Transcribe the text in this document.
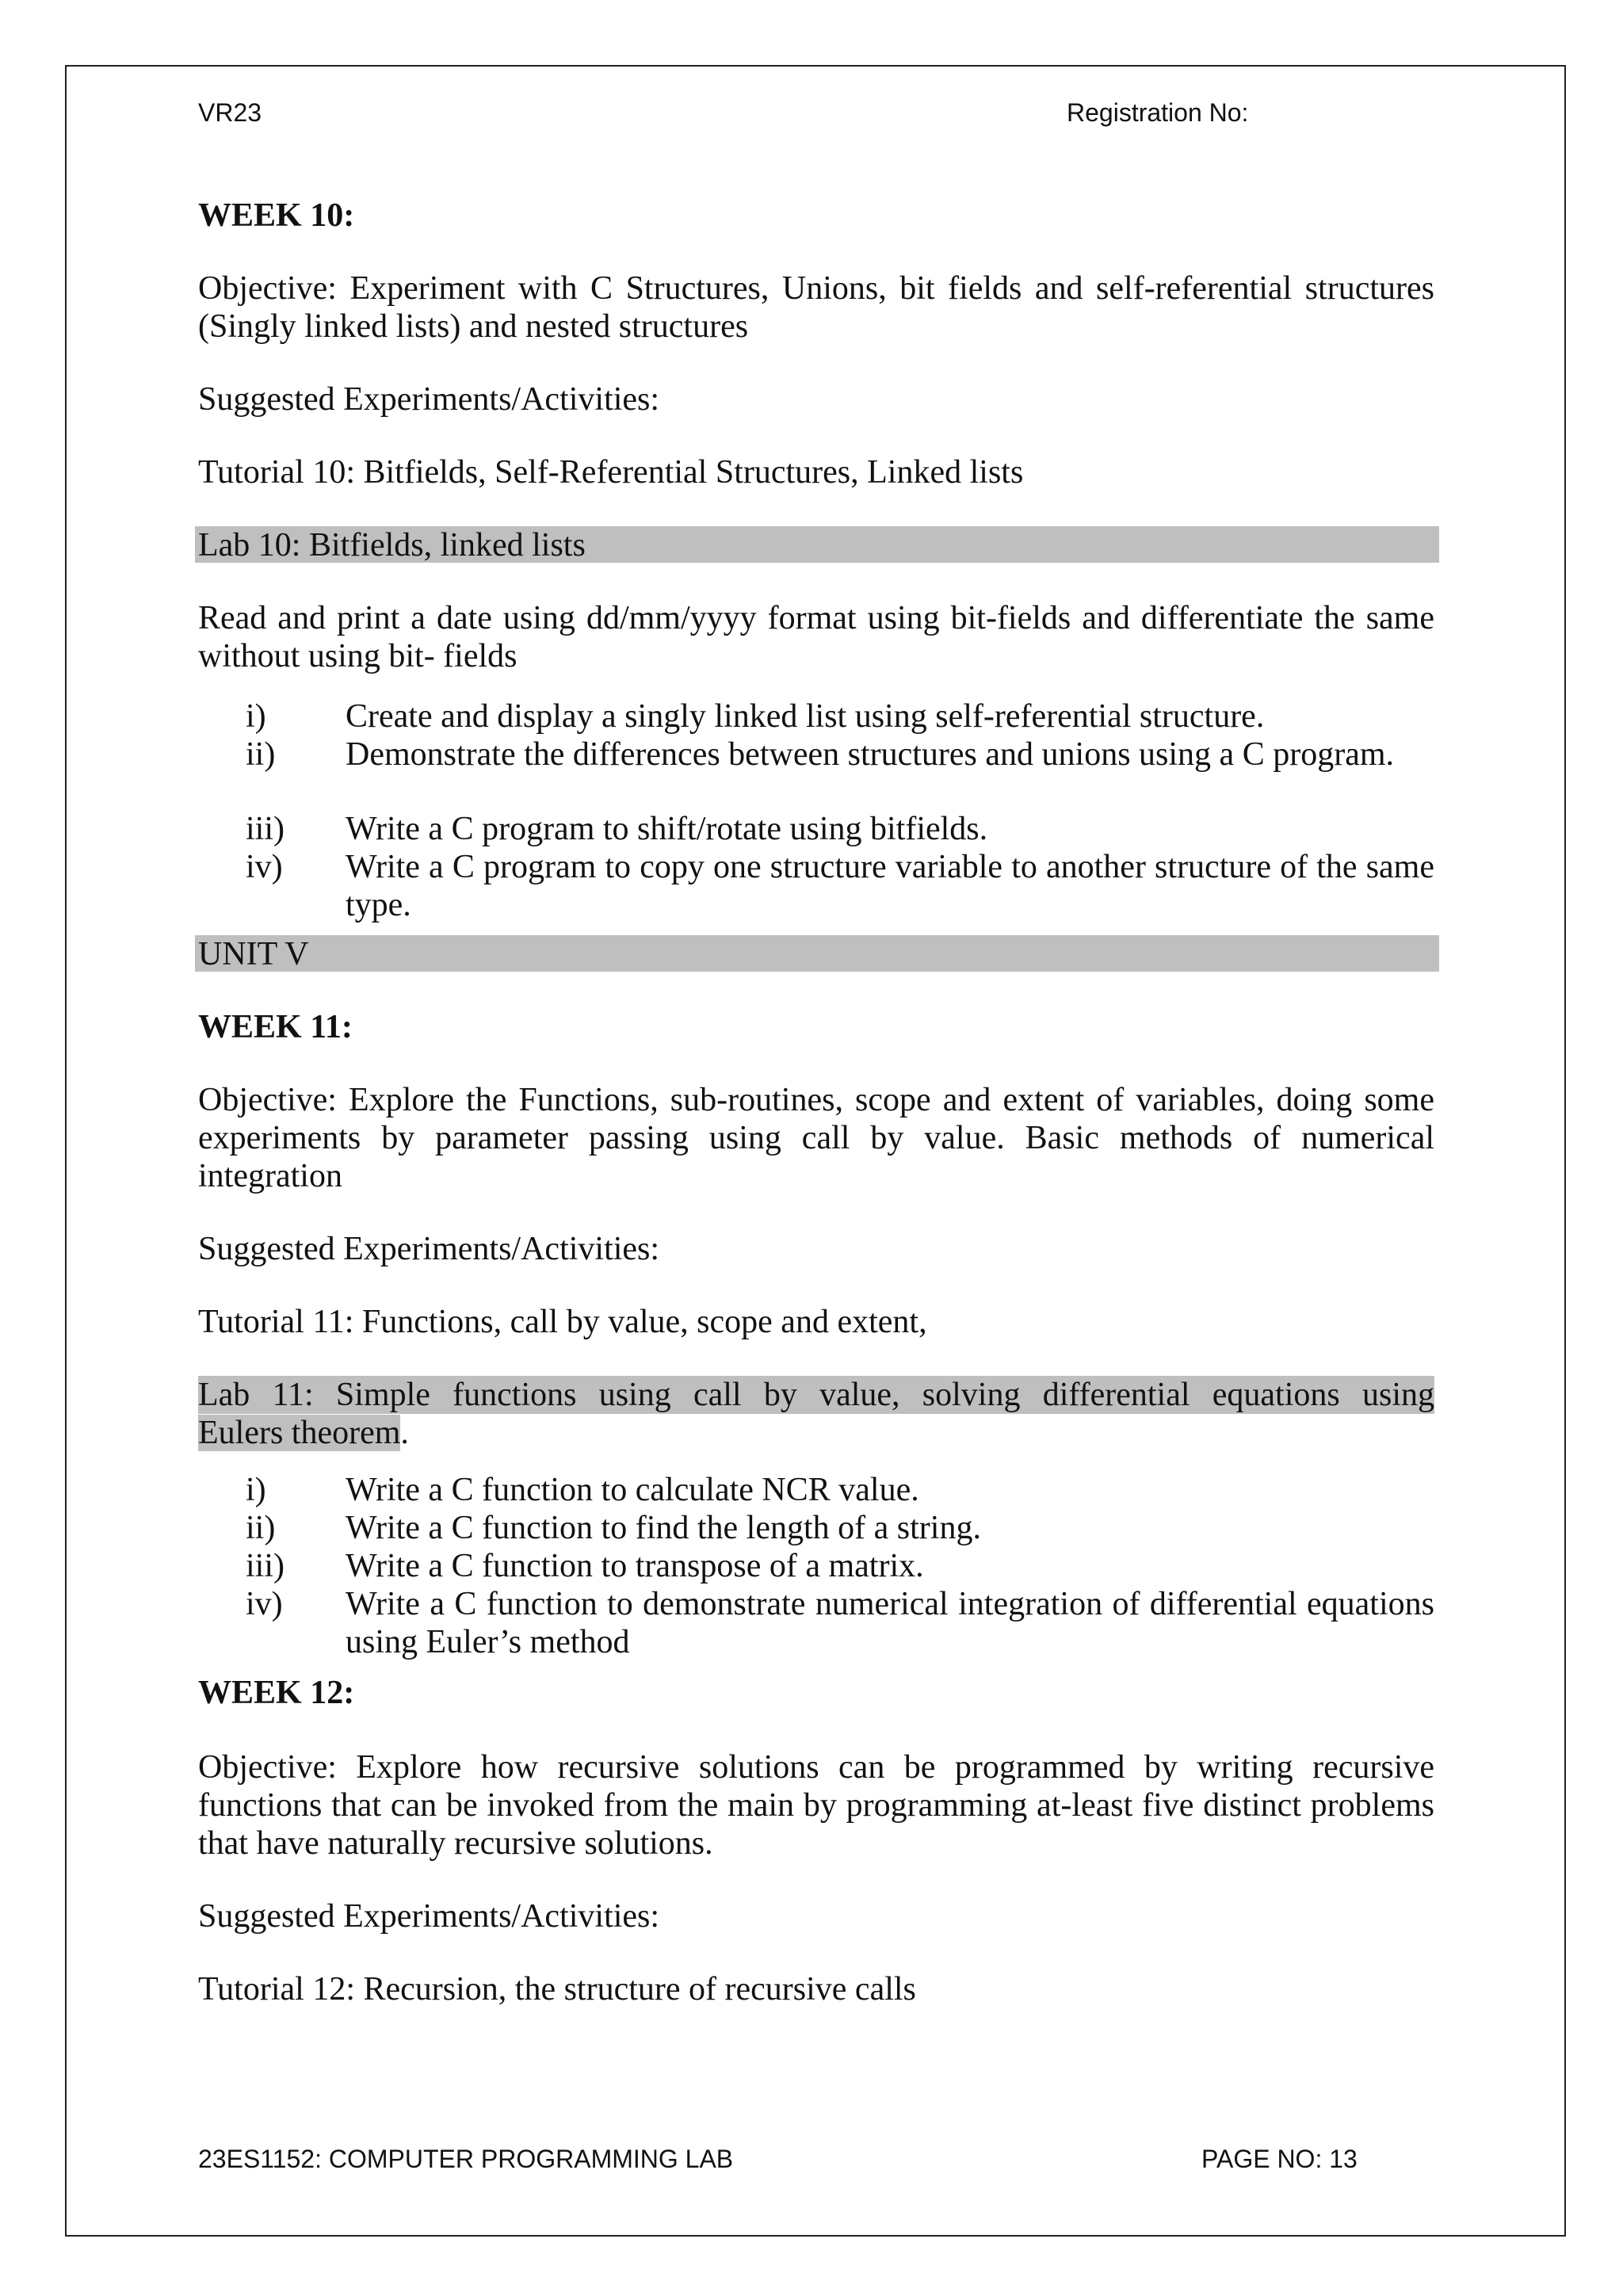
VR23	Registration No:
WEEK 10:
Objective: Experiment with C Structures, Unions, bit fields and self-referential structures (Singly linked lists) and nested structures
Suggested Experiments/Activities:
Tutorial 10: Bitfields, Self-Referential Structures, Linked lists
Lab 10: Bitfields, linked lists
Read and print a date using dd/mm/yyyy format using bit-fields and differentiate the same without using bit- fields
i) Create and display a singly linked list using self-referential structure.
ii) Demonstrate the differences between structures and unions using a C program.
iii) Write a C program to shift/rotate using bitfields.
iv) Write a C program to copy one structure variable to another structure of the same type.
UNIT V
WEEK 11:
Objective: Explore the Functions, sub-routines, scope and extent of variables, doing some experiments by parameter passing using call by value. Basic methods of numerical integration
Suggested Experiments/Activities:
Tutorial 11: Functions, call by value, scope and extent,
Lab 11: Simple functions using call by value, solving differential equations using
Eulers theorem.
i) Write a C function to calculate NCR value.
ii) Write a C function to find the length of a string.
iii) Write a C function to transpose of a matrix.
iv) Write a C function to demonstrate numerical integration of differential equations using Euler’s method
WEEK 12:
Objective: Explore how recursive solutions can be programmed by writing recursive functions that can be invoked from the main by programming at-least five distinct problems that have naturally recursive solutions.
Suggested Experiments/Activities:
Tutorial 12: Recursion, the structure of recursive calls
23ES1152: COMPUTER PROGRAMMING LAB	PAGE NO: 13
